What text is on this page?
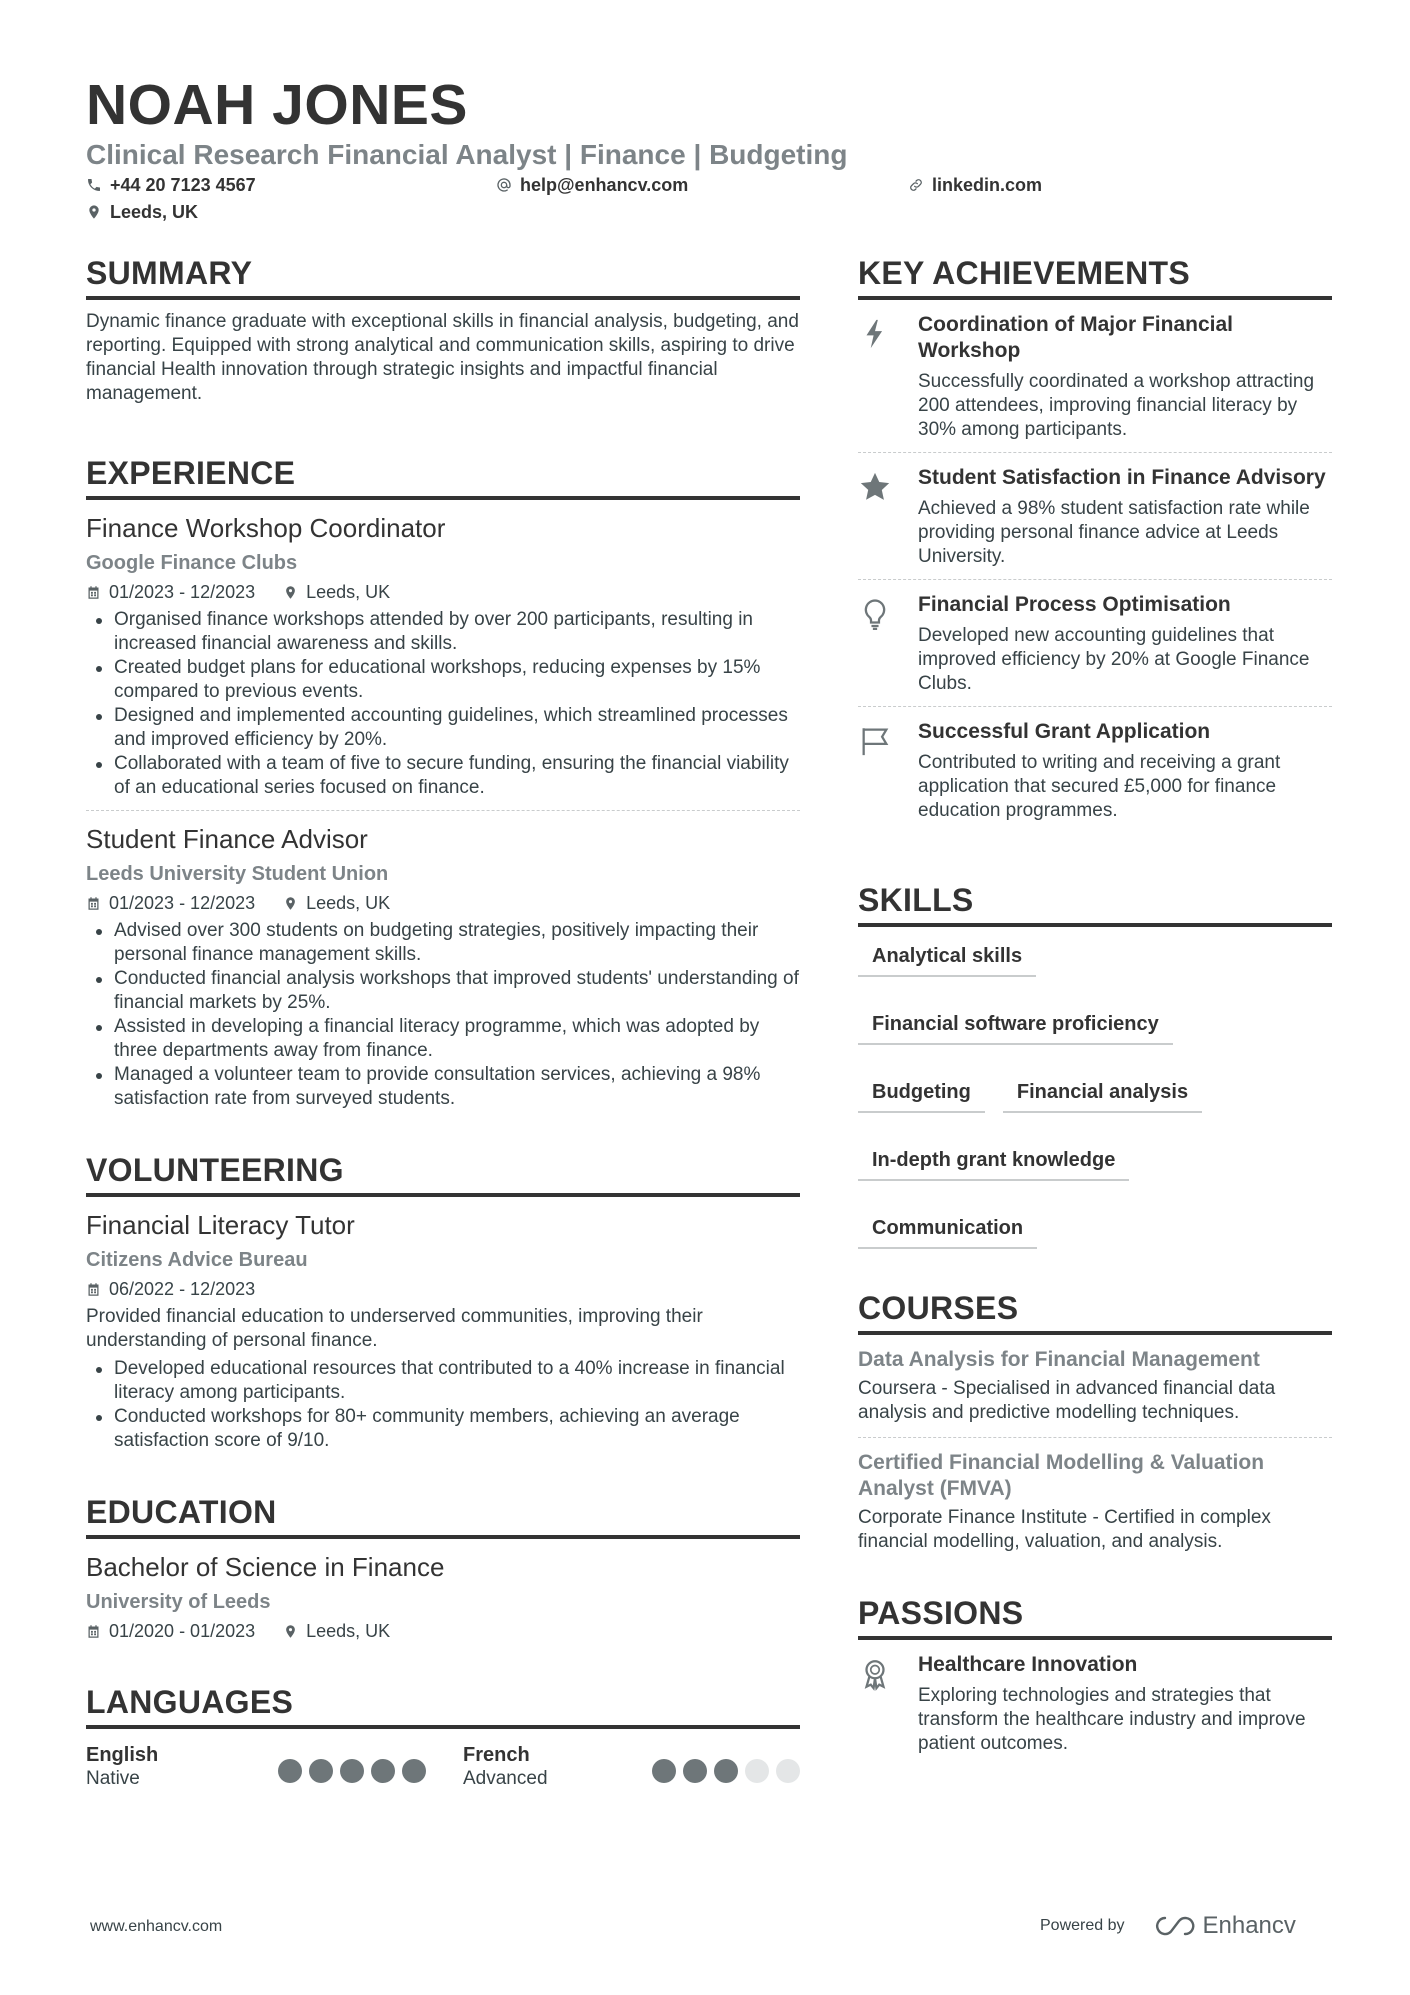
NOAH JONES
Clinical Research Financial Analyst | Finance | Budgeting
+44 20 7123 4567	help@enhancv.com	linkedin.com
Leeds, UK
SUMMARY

Dynamic finance graduate with exceptional skills in financial analysis, budgeting, and reporting. Equipped with strong analytical and communication skills, aspiring to drive financial Health innovation through strategic insights and impactful financial management.

EXPERIENCE
Finance Workshop Coordinator
Google Finance Clubs
01/2023 - 12/2023	Leeds, UK
Organised finance workshops attended by over 200 participants, resulting in increased financial awareness and skills.
Created budget plans for educational workshops, reducing expenses by 15% compared to previous events.
Designed and implemented accounting guidelines, which streamlined processes and improved efficiency by 20%.
Collaborated with a team of five to secure funding, ensuring the financial viability of an educational series focused on finance.
Student Finance Advisor
Leeds University Student Union
01/2023 - 12/2023	Leeds, UK
Advised over 300 students on budgeting strategies, positively impacting their personal finance management skills.
Conducted financial analysis workshops that improved students' understanding of financial markets by 25%.
Assisted in developing a financial literacy programme, which was adopted by three departments away from finance.
Managed a volunteer team to provide consultation services, achieving a 98% satisfaction rate from surveyed students.
VOLUNTEERING
Financial Literacy Tutor
Citizens Advice Bureau
06/2022 - 12/2023

Provided financial education to underserved communities, improving their understanding of personal finance.

Developed educational resources that contributed to a 40% increase in financial literacy among participants.
Conducted workshops for 80+ community members, achieving an average satisfaction score of 9/10.
EDUCATION
Bachelor of Science in Finance
University of Leeds
01/2020 - 01/2023	Leeds, UK
LANGUAGES
English
Native
French
Advanced
KEY ACHIEVEMENTS
Coordination of Major Financial Workshop

Successfully coordinated a workshop attracting 200 attendees, improving financial literacy by 30% among participants.

Student Satisfaction in Finance Advisory

Achieved a 98% student satisfaction rate while providing personal finance advice at Leeds University.

Financial Process Optimisation

Developed new accounting guidelines that improved efficiency by 20% at Google Finance Clubs.

Successful Grant Application

Contributed to writing and receiving a grant application that secured £5,000 for finance education programmes.

SKILLS
Analytical skills
Financial software proficiency
Budgeting	Financial analysis
In-depth grant knowledge
Communication
COURSES
Data Analysis for Financial Management

Coursera - Specialised in advanced financial data analysis and predictive modelling techniques.

Certified Financial Modelling & Valuation Analyst (FMVA)

Corporate Finance Institute - Certified in complex financial modelling, valuation, and analysis.

PASSIONS
Healthcare Innovation

Exploring technologies and strategies that transform the healthcare industry and improve patient outcomes.

www.enhancv.com	Powered by	Enhancv
